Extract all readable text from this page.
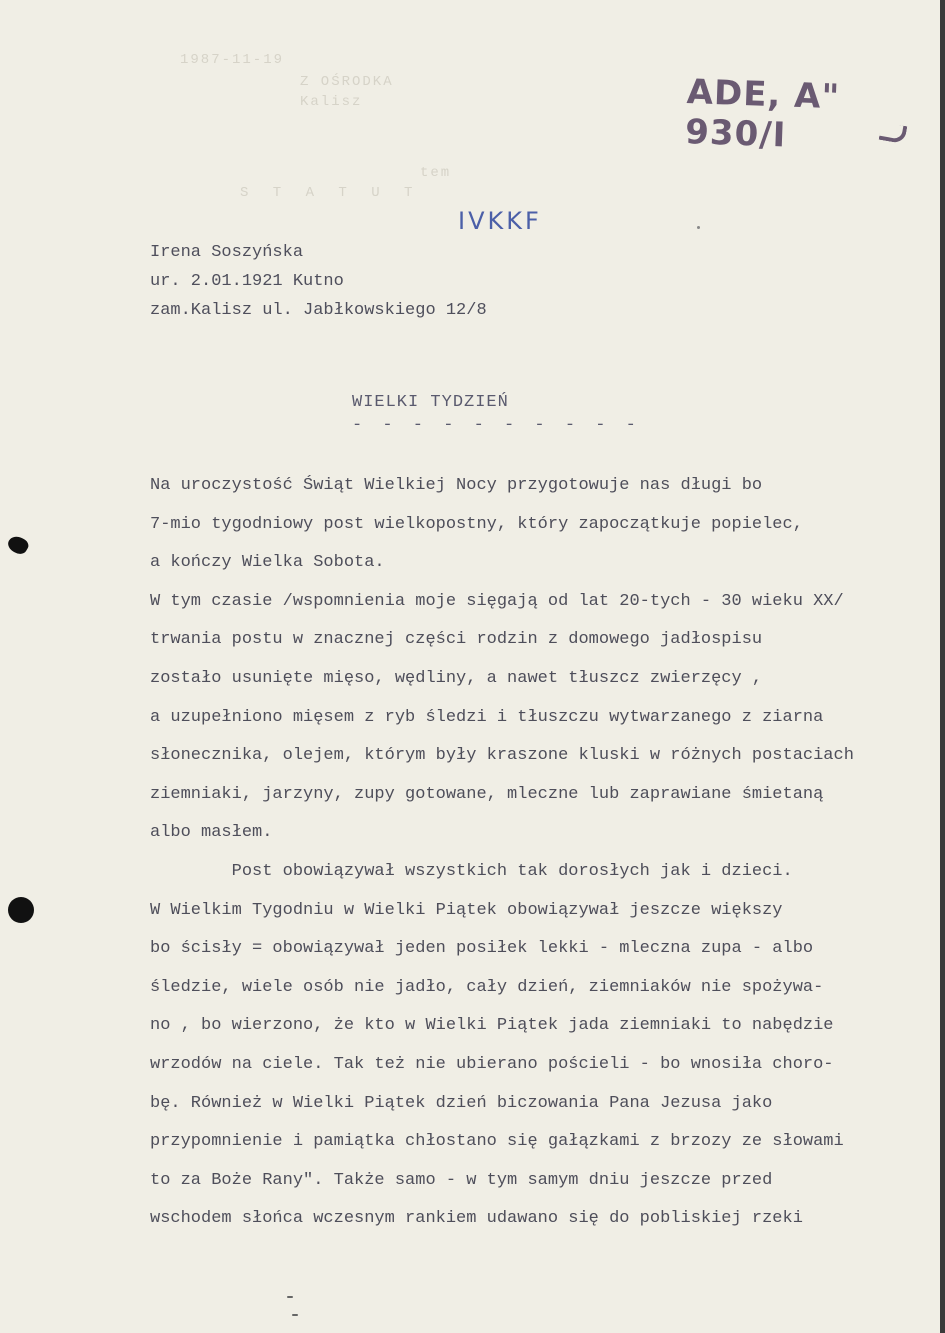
1987-11-19
Z OŚRODKA
Kalisz
tem
S T A T U T
ADE, A" 930/I
IVKKF
Irena Soszyńska
ur. 2.01.1921 Kutno
zam.Kalisz ul. Jabłkowskiego 12/8
WIELKI TYDZIEŃ
- - - - - - - - - -
Na uroczystość Świąt Wielkiej Nocy przygotowuje nas długi bo
7-mio tygodniowy post wielkopostny, który zapoczątkuje popielec,
a kończy Wielka Sobota.
W tym czasie /wspomnienia moje sięgają od lat 20-tych - 30 wieku XX/
trwania postu w znacznej części rodzin z domowego jadłospisu
zostało usunięte mięso, wędliny, a nawet tłuszcz zwierzęcy ,
a uzupełniono mięsem z ryb śledzi i tłuszczu wytwarzanego z ziarna
słonecznika, olejem, którym były kraszone kluski w różnych postaciach
ziemniaki, jarzyny, zupy gotowane, mleczne lub zaprawiane śmietaną
albo masłem.
Post obowiązywał wszystkich tak dorosłych jak i dzieci.
W Wielkim Tygodniu w Wielki Piątek obowiązywał jeszcze większy
bo ścisły = obowiązywał jeden posiłek lekki - mleczna zupa - albo
śledzie, wiele osób nie jadło, cały dzień, ziemniaków nie spożywa-
no , bo wierzono, że kto w Wielki Piątek jada ziemniaki to nabędzie
wrzodów na ciele. Tak też nie ubierano pościeli - bo wnosiła choro-
bę. Również w Wielki Piątek dzień biczowania Pana Jezusa jako
przypomnienie i pamiątka chłostano się gałązkami z brzozy ze słowami
to za Boże Rany". Także samo - w tym samym dniu jeszcze przed
wschodem słońca wczesnym rankiem udawano się do pobliskiej rzeki
